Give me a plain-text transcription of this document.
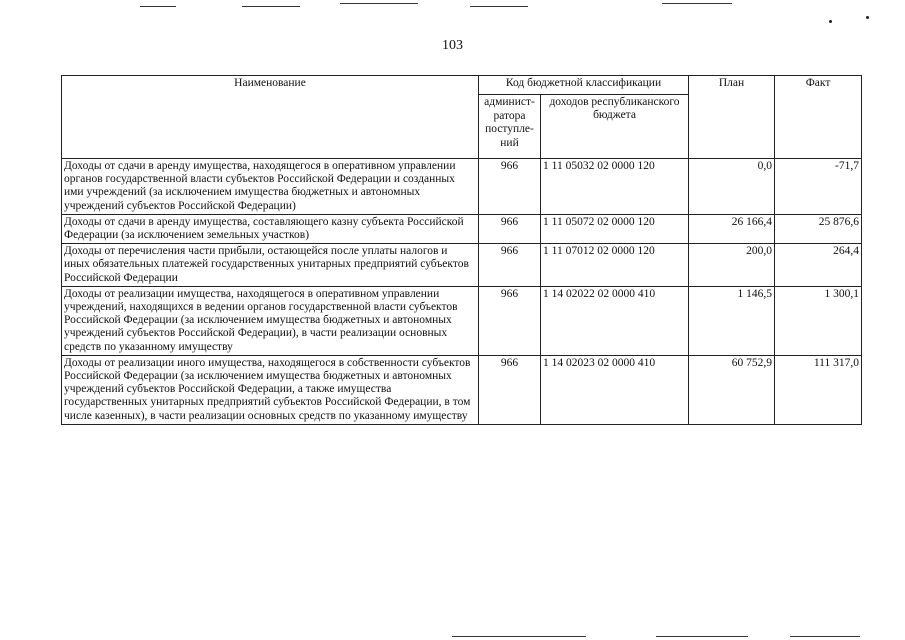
103
Наименование	Код бюджетной классификации		План	Факт
	админист-ратора поступле-ний	доходов республиканского бюджета		
Доходы от сдачи в аренду имущества, находящегося в оперативном управлении органов государственной власти субъектов Российской Федерации и созданных ими учреждений (за исключением имущества бюджетных и автономных учреждений субъектов Российской Федерации)	966	1 11 05032 02 0000 120	0,0	-71,7
Доходы от сдачи в аренду имущества, составляющего казну субъекта Российской Федерации (за исключением земельных участков)	966	1 11 05072 02 0000 120	26 166,4	25 876,6
Доходы от перечисления части прибыли, остающейся после уплаты налогов и иных обязательных платежей государственных унитарных предприятий субъектов Российской Федерации	966	1 11 07012 02 0000 120	200,0	264,4
Доходы от реализации имущества, находящегося в оперативном управлении учреждений, находящихся в ведении органов государственной власти субъектов Российской Федерации (за исключением имущества бюджетных и автономных учреждений субъектов Российской Федерации), в части реализации основных средств по указанному имуществу	966	1 14 02022 02 0000 410	1 146,5	1 300,1
Доходы от реализации иного имущества, находящегося в собственности субъектов Российской Федерации (за исключением имущества бюджетных и автономных учреждений субъектов Российской Федерации, а также имущества государственных унитарных предприятий субъектов Российской Федерации, в том числе казенных), в части реализации основных средств по указанному имуществу	966	1 14 02023 02 0000 410	60 752,9	111 317,0
